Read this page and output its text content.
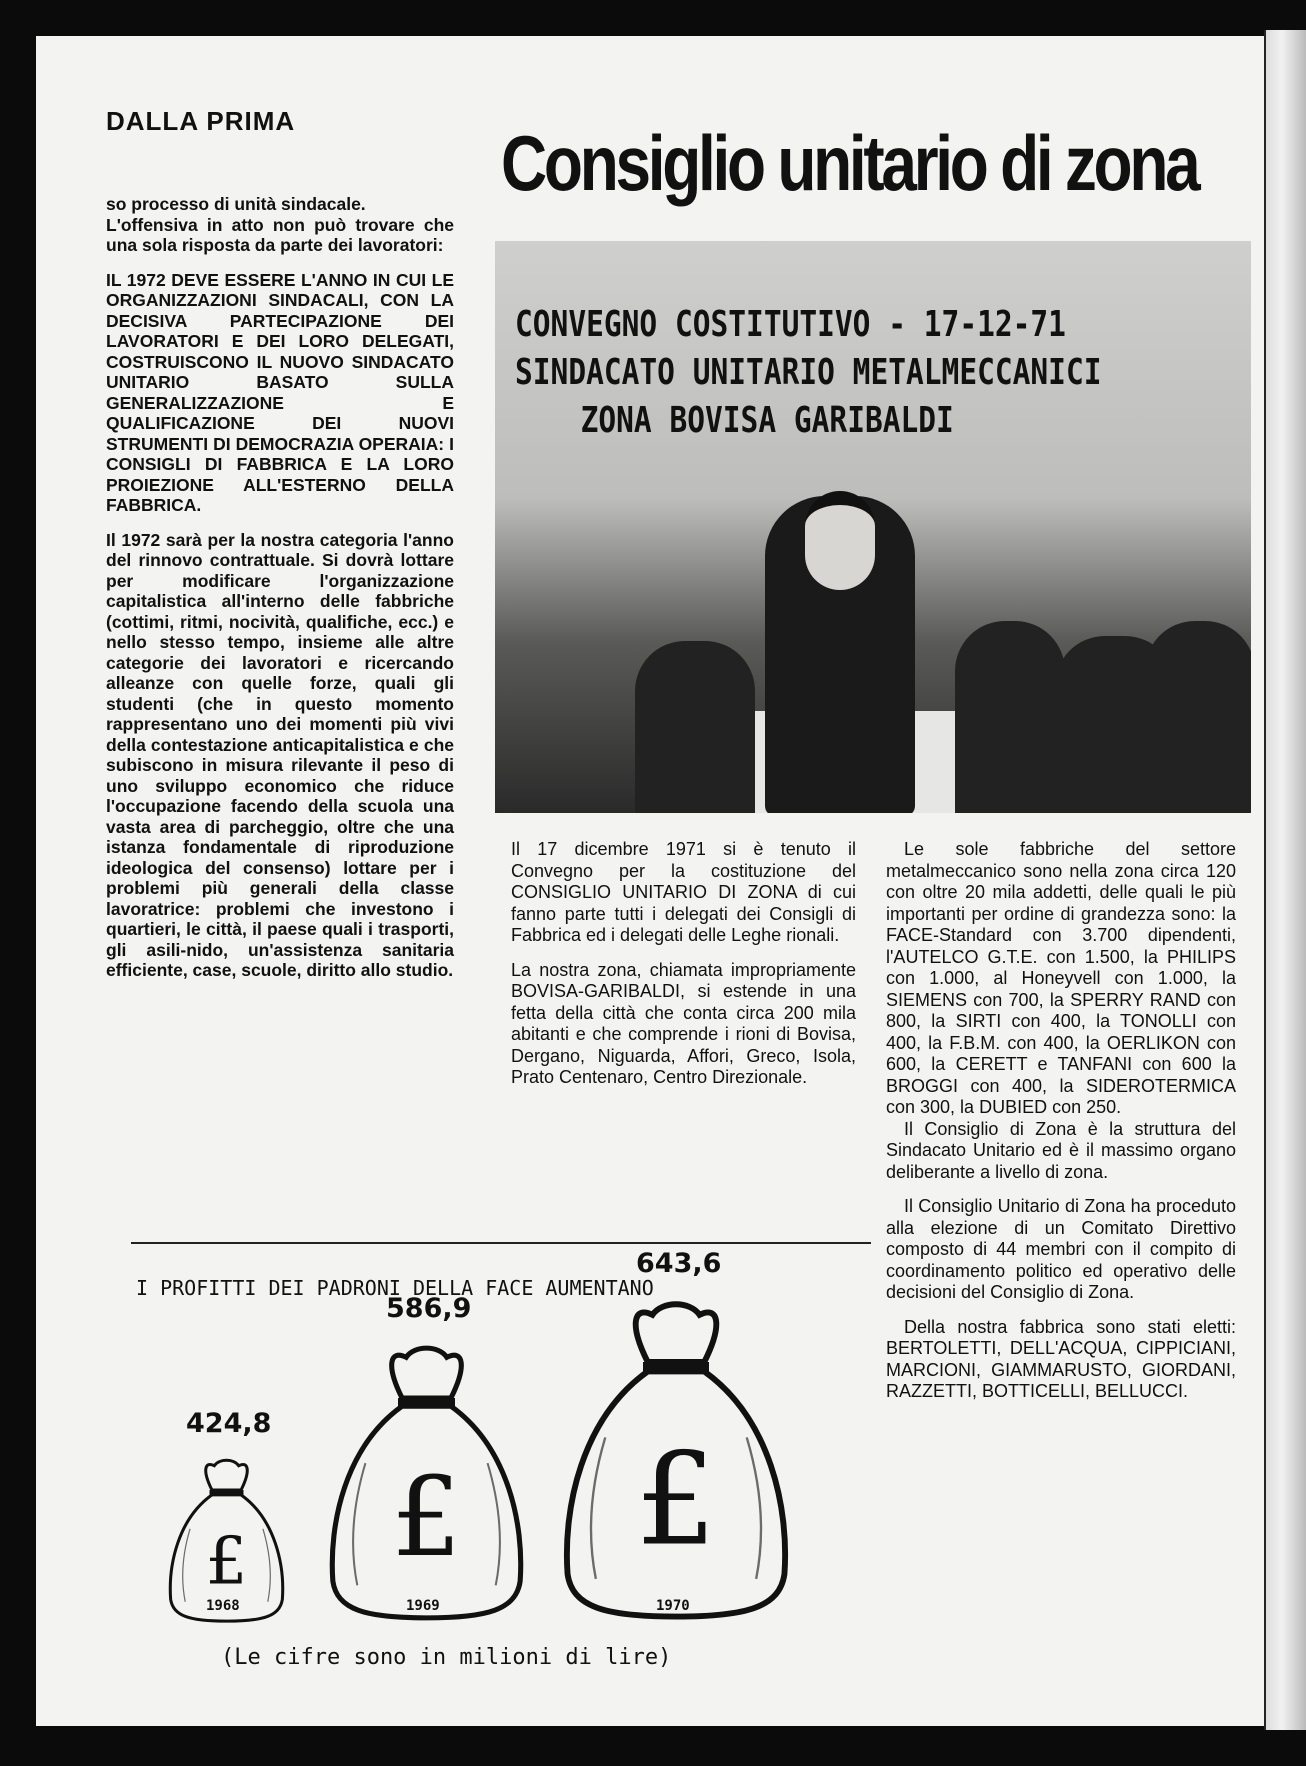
DALLA PRIMA	Consiglio unitario di zona

so processo di unità sindacale.

L'offensiva in atto non può trovare che una sola risposta da parte dei lavoratori:

IL 1972 DEVE ESSERE L'ANNO IN CUI LE ORGANIZZAZIONI SINDACALI, CON LA DECISIVA PARTECIPAZIONE DEI LAVORATORI E DEI LORO DELEGATI, COSTRUISCONO IL NUOVO SINDACATO UNITARIO BASATO SULLA GENERALIZZAZIONE E QUALIFICAZIONE DEI NUOVI STRUMENTI DI DEMOCRAZIA OPERAIA: I CONSIGLI DI FABBRICA E LA LORO PROIEZIONE ALL'ESTERNO DELLA FABBRICA.

Il 1972 sarà per la nostra categoria l'anno del rinnovo contrattuale. Si dovrà lottare per modificare l'organizzazione capitalistica all'interno delle fabbriche (cottimi, ritmi, nocività, qualifiche, ecc.) e nello stesso tempo, insieme alle altre categorie dei lavoratori e ricercando alleanze con quelle forze, quali gli studenti (che in questo momento rappresentano uno dei momenti più vivi della contestazione anticapitalistica e che subiscono in misura rilevante il peso di uno sviluppo economico che riduce l'occupazione facendo della scuola una vasta area di parcheggio, oltre che una istanza fondamentale di riproduzione ideologica del consenso) lottare per i problemi più generali della classe lavoratrice: problemi che investono i quartieri, le città, il paese quali i trasporti, gli asili-nido, un'assistenza sanitaria efficiente, case, scuole, diritto allo studio.

CONVEGNO COSTITUTIVO - 17-12-71
SINDACATO UNITARIO METALMECCANICI
ZONA BOVISA GARIBALDI

Il 17 dicembre 1971 si è tenuto il Convegno per la costituzione del CONSIGLIO UNITARIO DI ZONA di cui fanno parte tutti i delegati dei Consigli di Fabbrica ed i delegati delle Leghe rionali.

La nostra zona, chiamata impropriamente BOVISA-GARIBALDI, si estende in una fetta della città che conta circa 200 mila abitanti e che comprende i rioni di Bovisa, Dergano, Niguarda, Affori, Greco, Isola, Prato Centenaro, Centro Direzionale.

Le sole fabbriche del settore metalmeccanico sono nella zona circa 120 con oltre 20 mila addetti, delle quali le più importanti per ordine di grandezza sono: la FACE-Standard con 3.700 dipendenti, l'AUTELCO G.T.E. con 1.500, la PHILIPS con 1.000, al Honeyvell con 1.000, la SIEMENS con 700, la SPERRY RAND con 800, la SIRTI con 400, la TONOLLI con 400, la F.B.M. con 400, la OERLIKON con 600, la CERETT e TANFANI con 600 la BROGGI con 400, la SIDEROTERMICA con 300, la DUBIED con 250.

Il Consiglio di Zona è la struttura del Sindacato Unitario ed è il massimo organo deliberante a livello di zona.

Il Consiglio Unitario di Zona ha proceduto alla elezione di un Comitato Direttivo composto di 44 membri con il compito di coordinamento politico ed operativo delle decisioni del Consiglio di Zona.

Della nostra fabbrica sono stati eletti: BERTOLETTI, DELL'ACQUA, CIPPICIANI, MARCIONI, GIAMMARUSTO, GIORDANI, RAZZETTI, BOTTICELLI, BELLUCCI.

I PROFITTI DEI PADRONI DELLA FACE AUMENTANO
£
424,8
1968
£
586,9
1969
£
643,6
1970
(Le cifre sono in milioni di lire)
